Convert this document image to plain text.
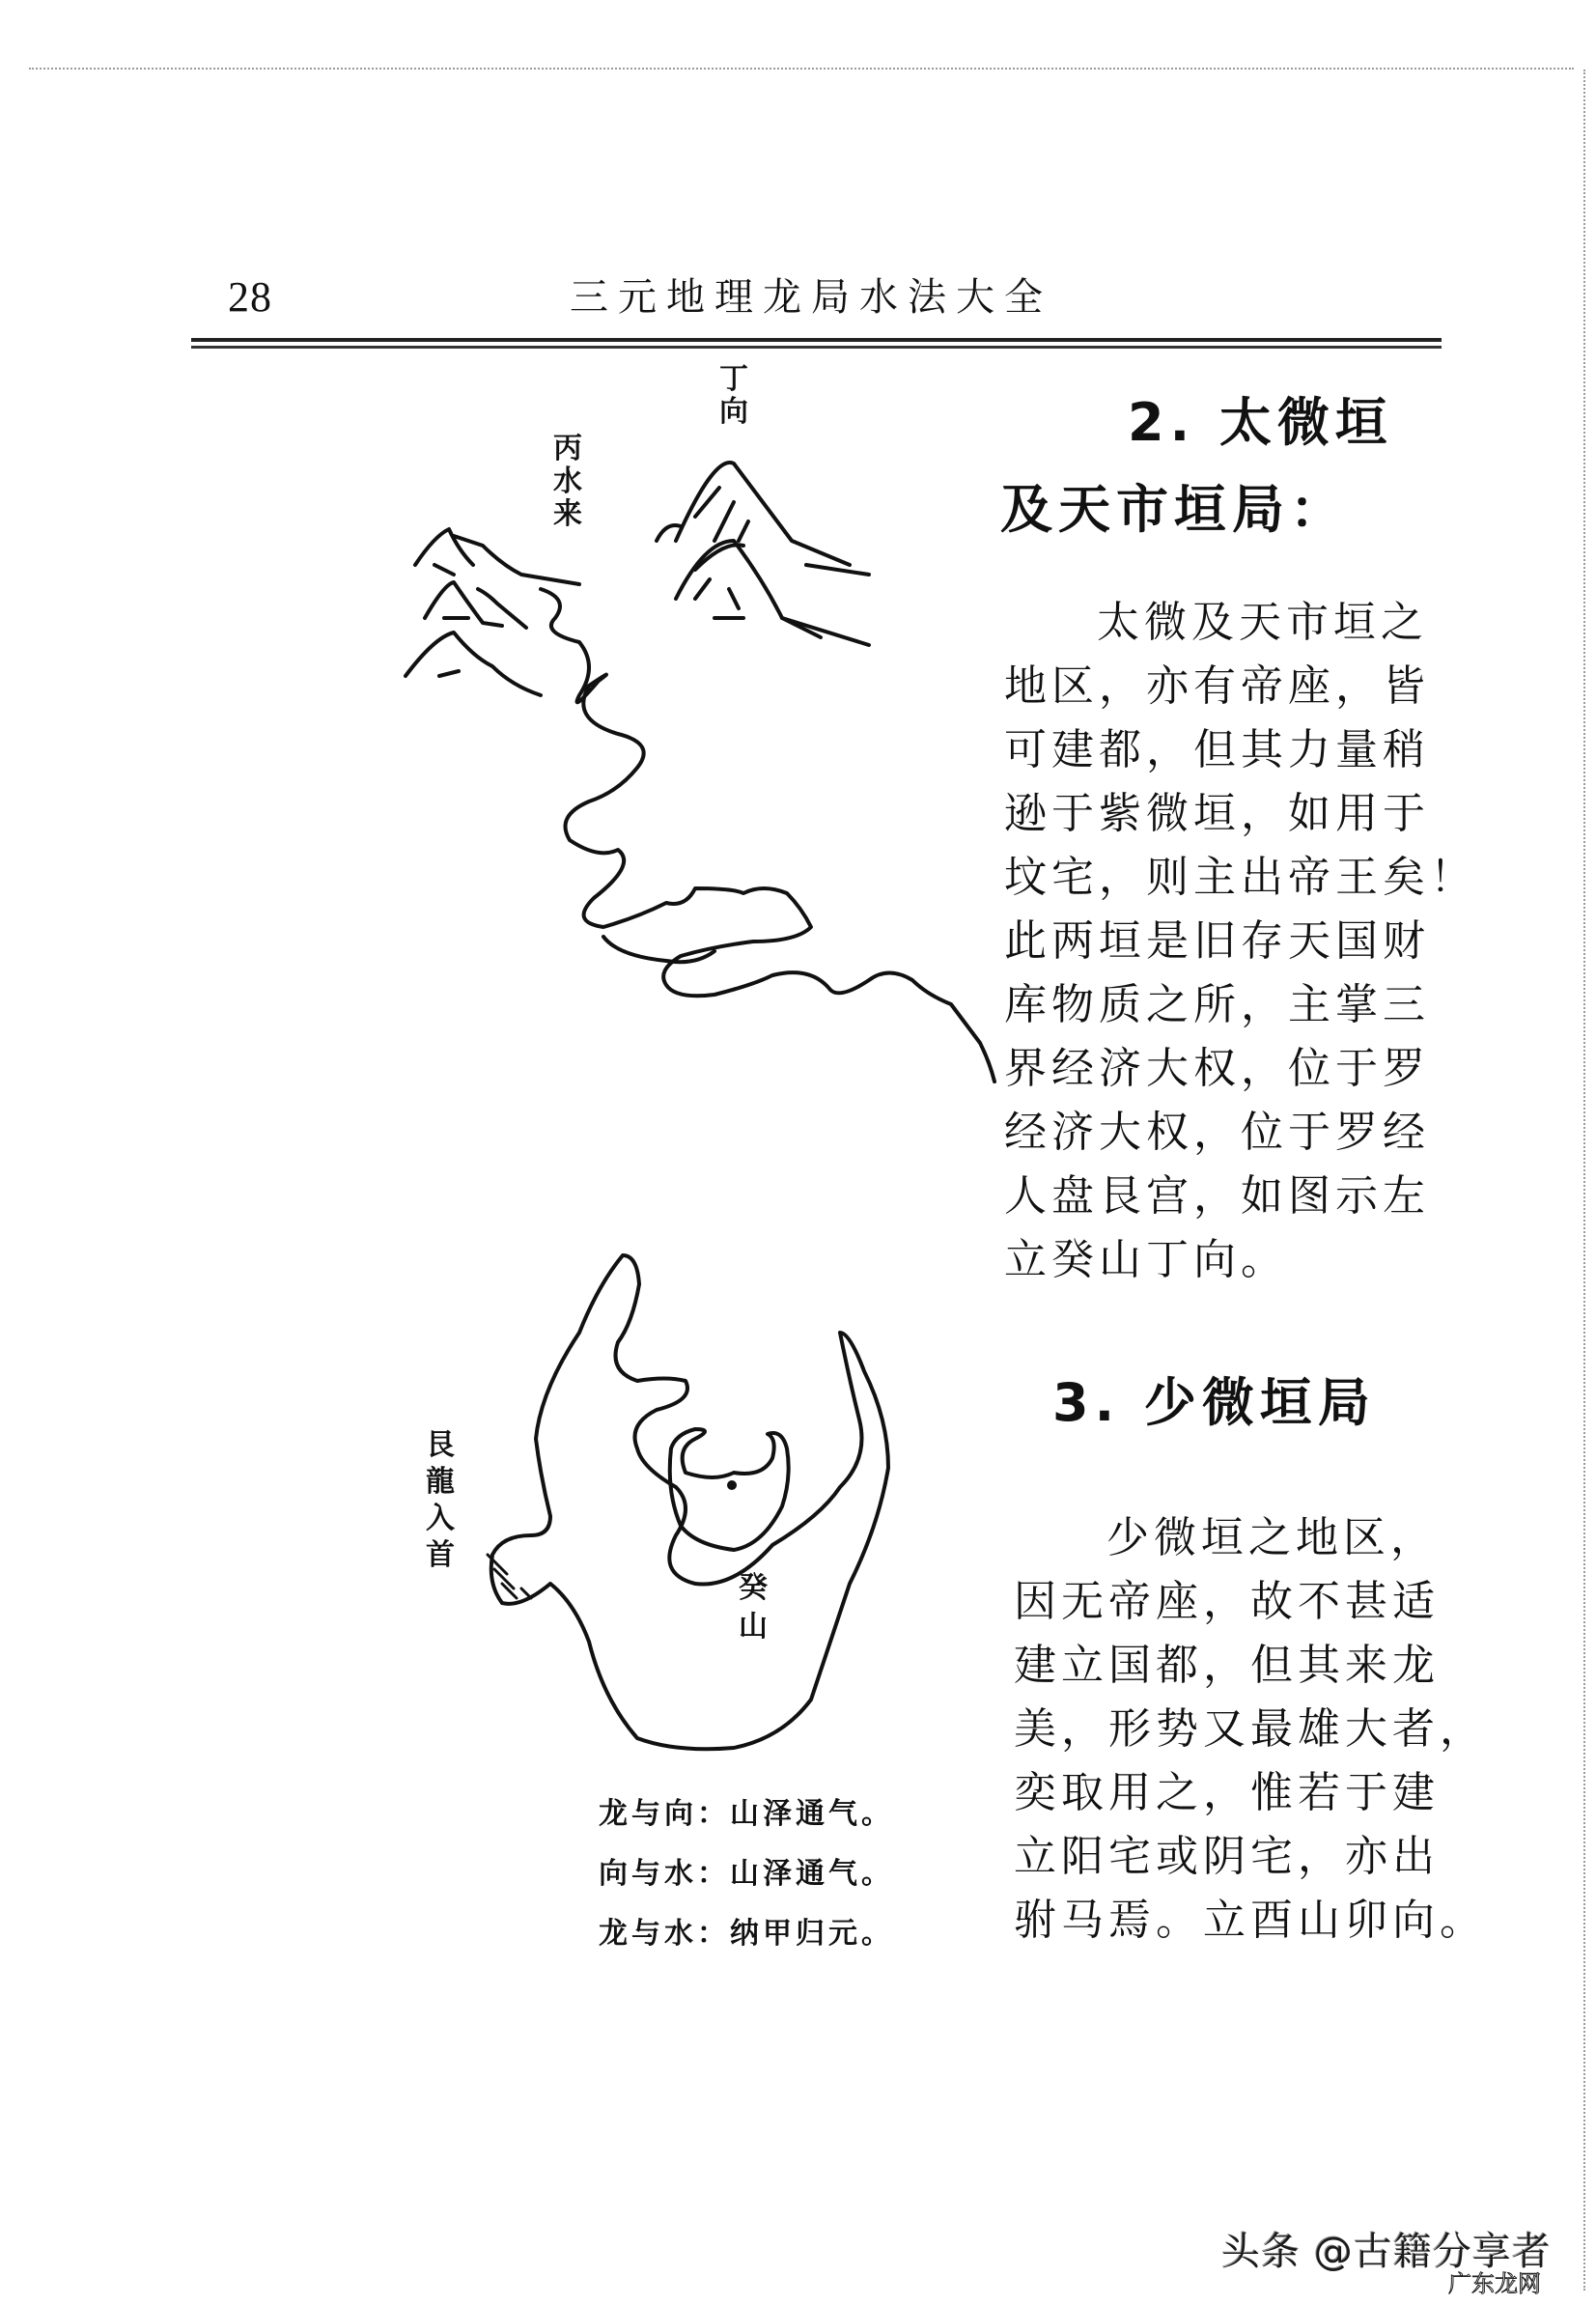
28	三元地理龙局水法大全
丁
向
丙
水
来
艮
龍
入
首
癸
山
龙与向：山泽通气。
向与水：山泽通气。
龙与水：纳甲归元。
2. 太微垣
及天市垣局：
太微及天市垣之
地区，亦有帝座，皆
可建都，但其力量稍
逊于紫微垣，如用于
坟宅，则主出帝王矣！
此两垣是旧存天国财
库物质之所，主掌三
界经济大权，位于罗
经济大权，位于罗经
人盘艮宫，如图示左
立癸山丁向。
3. 少微垣局
少微垣之地区，
因无帝座，故不甚适
建立国都，但其来龙
美，形势又最雄大者，
奕取用之，惟若于建
立阳宅或阴宅，亦出
驸马焉。立酉山卯向。
头条 @古籍分享者
广东龙网
